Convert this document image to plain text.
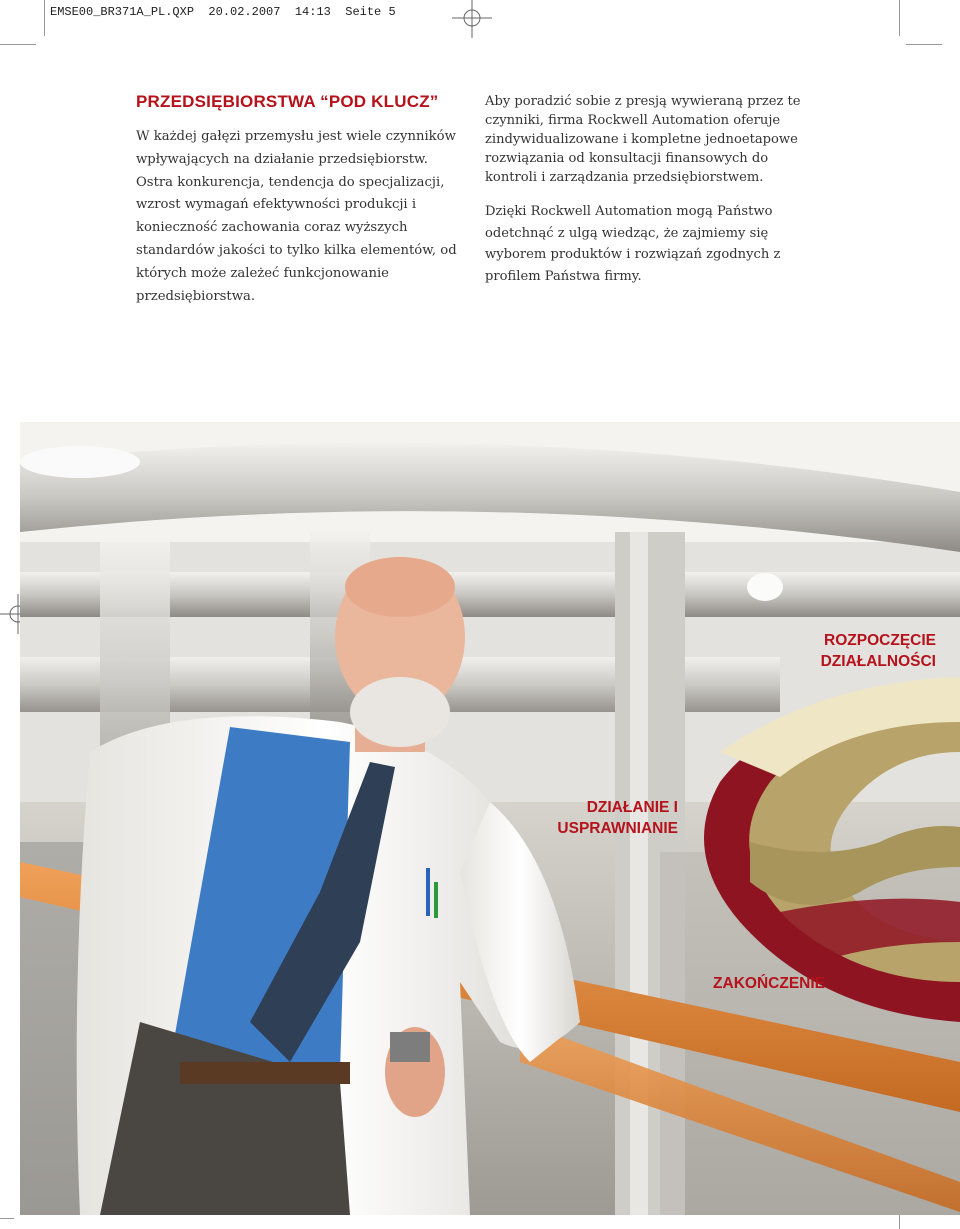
EMSE00_BR371A_PL.QXP  20.02.2007  14:13  Seite 5
PRZEDSIĘBIORSTWA “POD KLUCZ”

W każdej gałęzi przemysłu jest wiele czynników wpływających na działanie przedsiębiorstw. Ostra konkurencja, tendencja do specjalizacji, wzrost wymagań efektywności produkcji i konieczność zachowania coraz wyższych standardów jakości to tylko kilka elementów, od których może zależeć funkcjonowanie przedsiębiorstwa.

Aby poradzić sobie z presją wywieraną przez te czynniki, firma Rockwell Automation oferuje zindywidualizowane i kompletne jednoetapowe rozwiązania od konsultacji finansowych do kontroli i zarządzania przedsiębiorstwem.

Dzięki Rockwell Automation mogą Państwo odetchnąć z ulgą wiedząc, że zajmiemy się wyborem produktów i rozwiązań zgodnych z profilem Państwa firmy.

ROZPOCZĘCIE
DZIAŁALNOŚCI
DZIAŁANIE I
USPRAWNIANIE
ZAKOŃCZENIE
